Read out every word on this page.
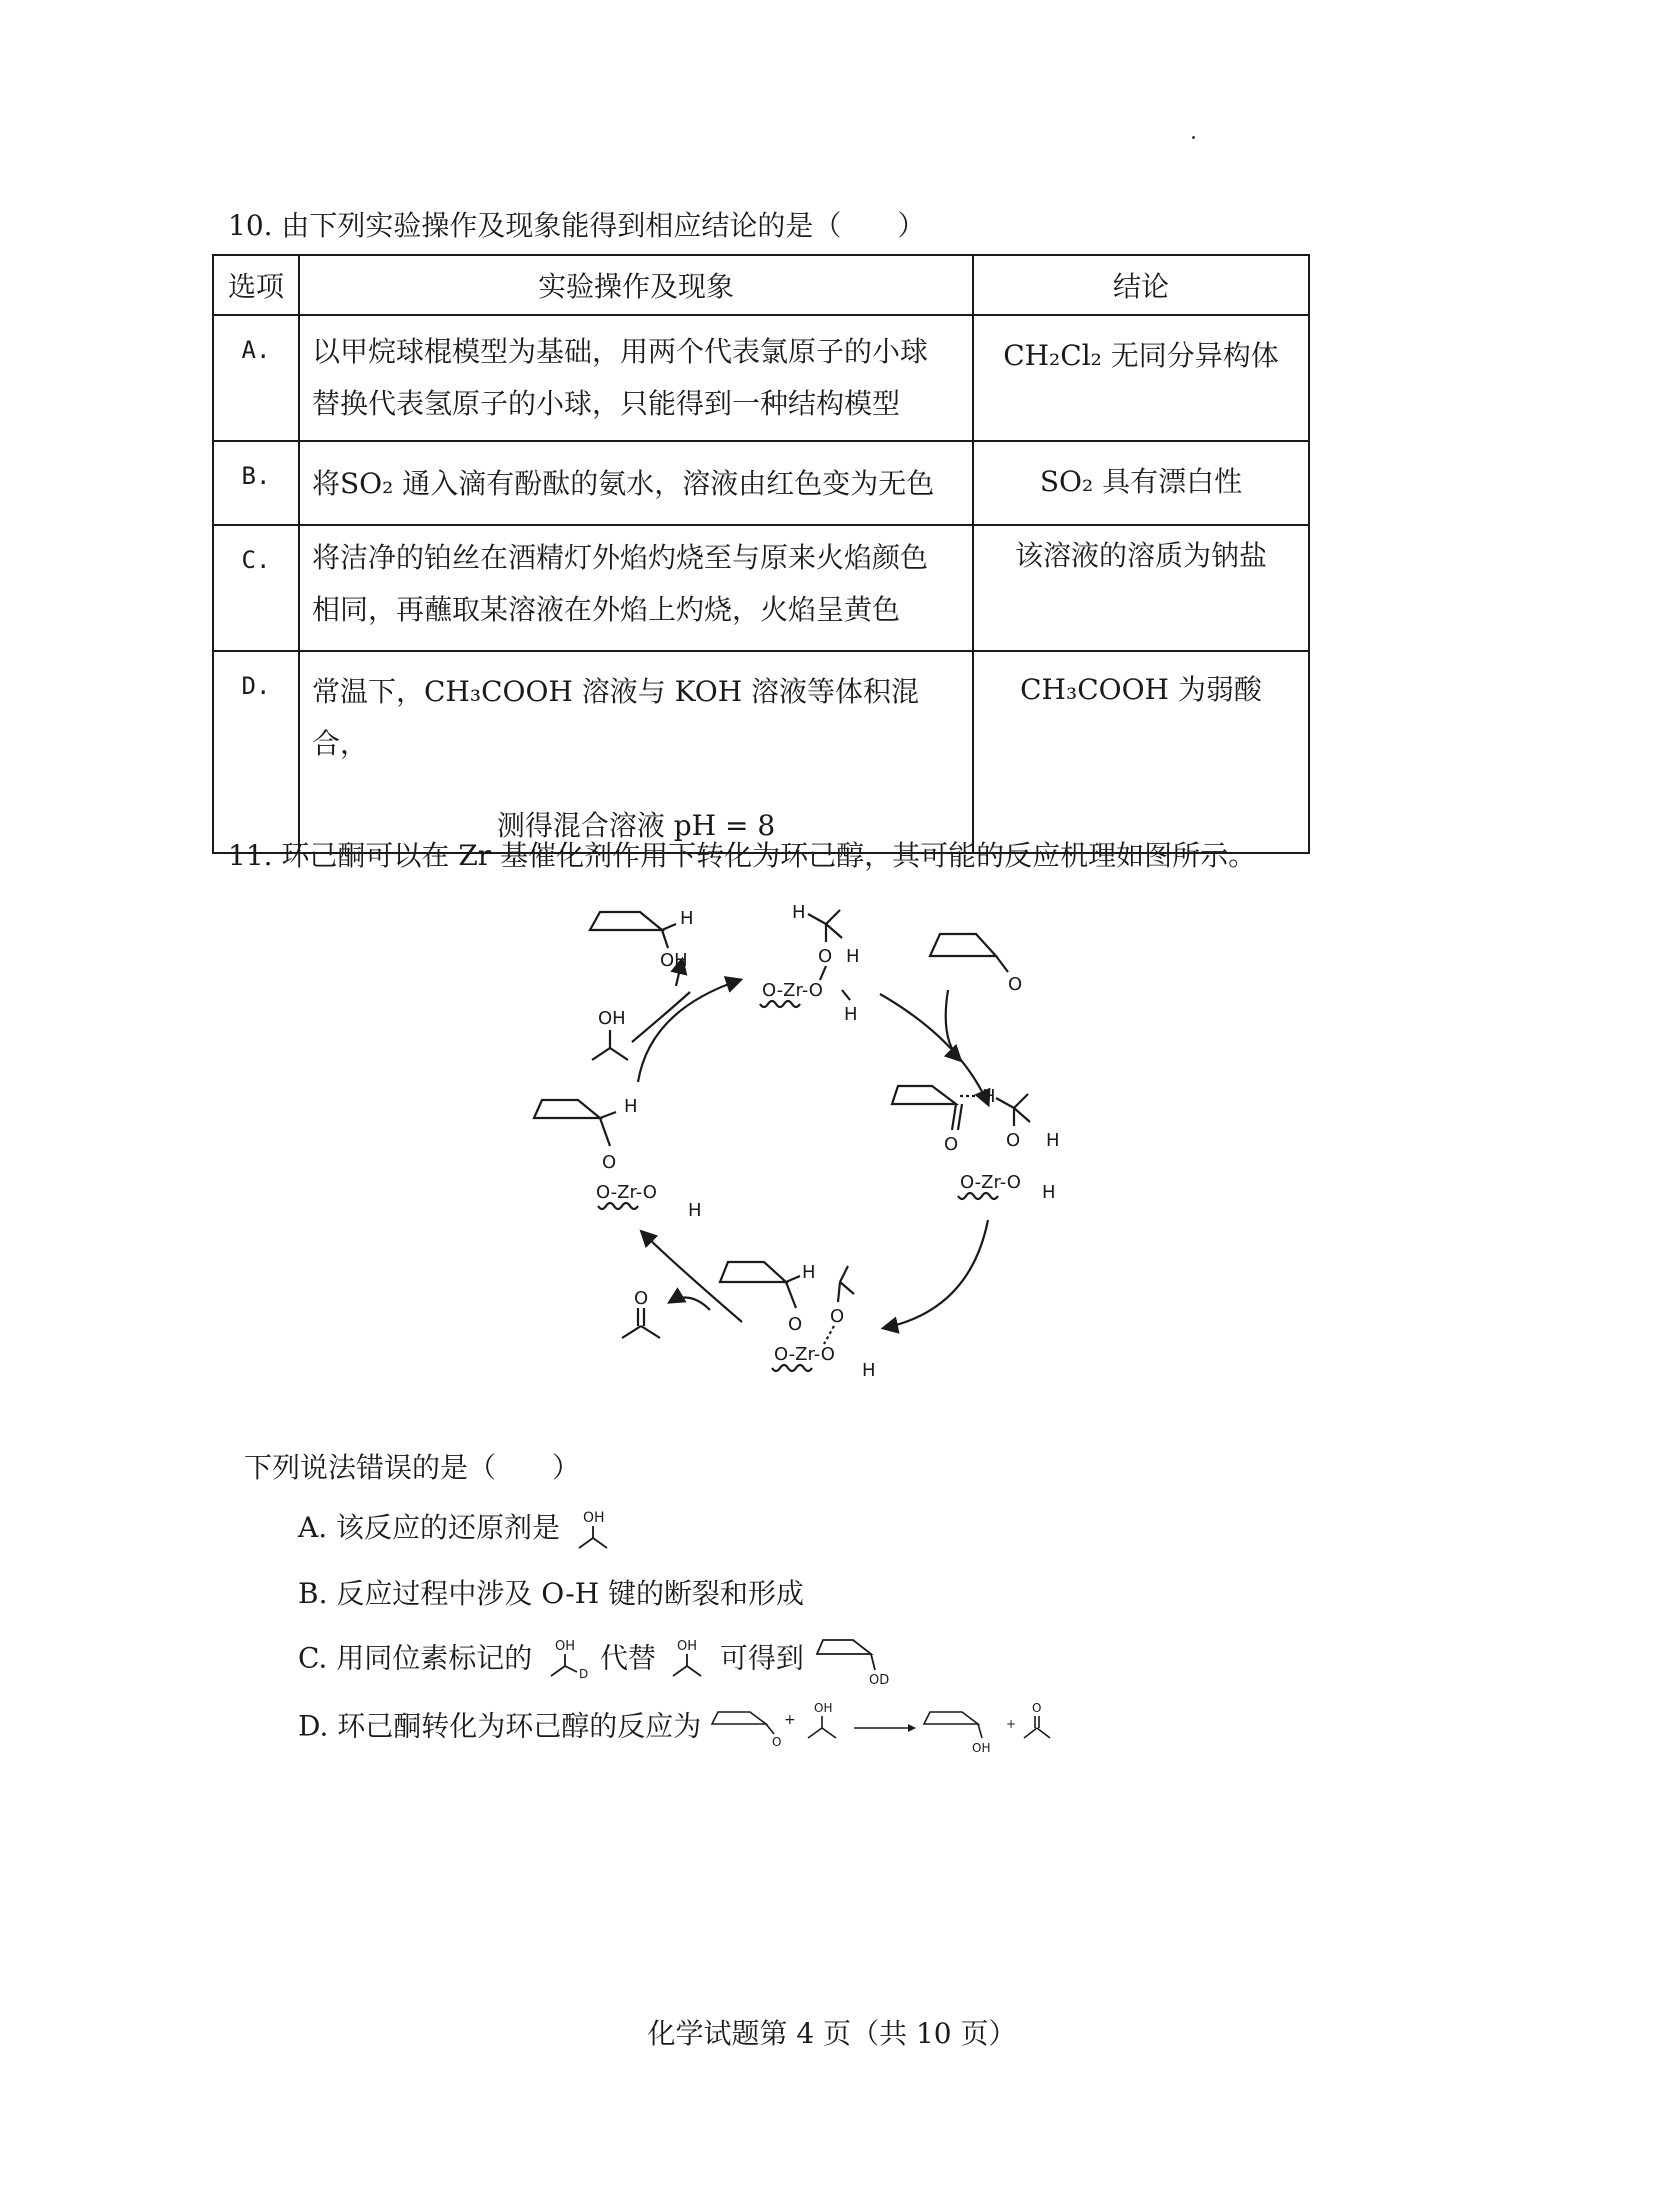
10. 由下列实验操作及现象能得到相应结论的是（　　）
选项	实验操作及现象	结论

A.	以甲烷球棍模型为基础，用两个代表氯原子的小球
替换代表氢原子的小球，只能得到一种结构模型	CH₂Cl₂ 无同分异构体

B.	将SO₂ 通入滴有酚酞的氨水，溶液由红色变为无色	SO₂ 具有漂白性

C.	将洁净的铂丝在酒精灯外焰灼烧至与原来火焰颜色
相同，再蘸取某溶液在外焰上灼烧，火焰呈黄色	该溶液的溶质为钠盐

D.	常温下，CH₃COOH 溶液与 KOH 溶液等体积混合，
测得混合溶液 pH = 8	CH₃COOH 为弱酸
11. 环己酮可以在 Zr 基催化剂作用下转化为环己醇，其可能的反应机理如图所示。
H
OH
OH
H
O H
O-Zr-O
H
O
O
H
O H
O-Zr-O H
H
O O
O-Zr-O
H
H
O
O-Zr-O
H
O
下列说法错误的是（　　）
A. 该反应的还原剂是 OH
B. 反应过程中涉及 O-H 键的断裂和形成
C. 用同位素标记的 OH
D 代替 OH 可得到
OD
D. 环己酮转化为环己醇的反应为	O
+
OH
OH
+
O
化学试题第 4 页（共 10 页）
